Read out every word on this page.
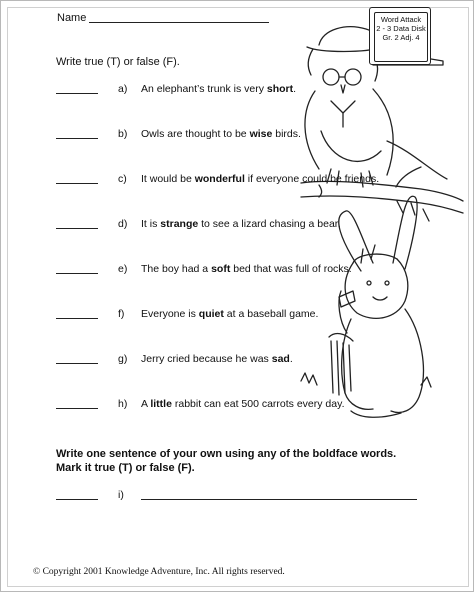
Name	Word Attack
2 - 3 Data Disk
Gr. 2 Adj. 4
Write true (T) or false (F).
a) An elephant’s trunk is very short.
b) Owls are thought to be wise birds.
c) It would be wonderful if everyone could be friends.
d) It is strange to see a lizard chasing a bear.
e) The boy had a soft bed that was full of rocks.
f) Everyone is quiet at a baseball game.
g) Jerry cried because he was sad.
h) A little rabbit can eat 500 carrots every day.
Write one sentence of your own using any of the boldface words.
Mark it true (T) or false (F).
i)
© Copyright 2001 Knowledge Adventure, Inc. All rights reserved.
